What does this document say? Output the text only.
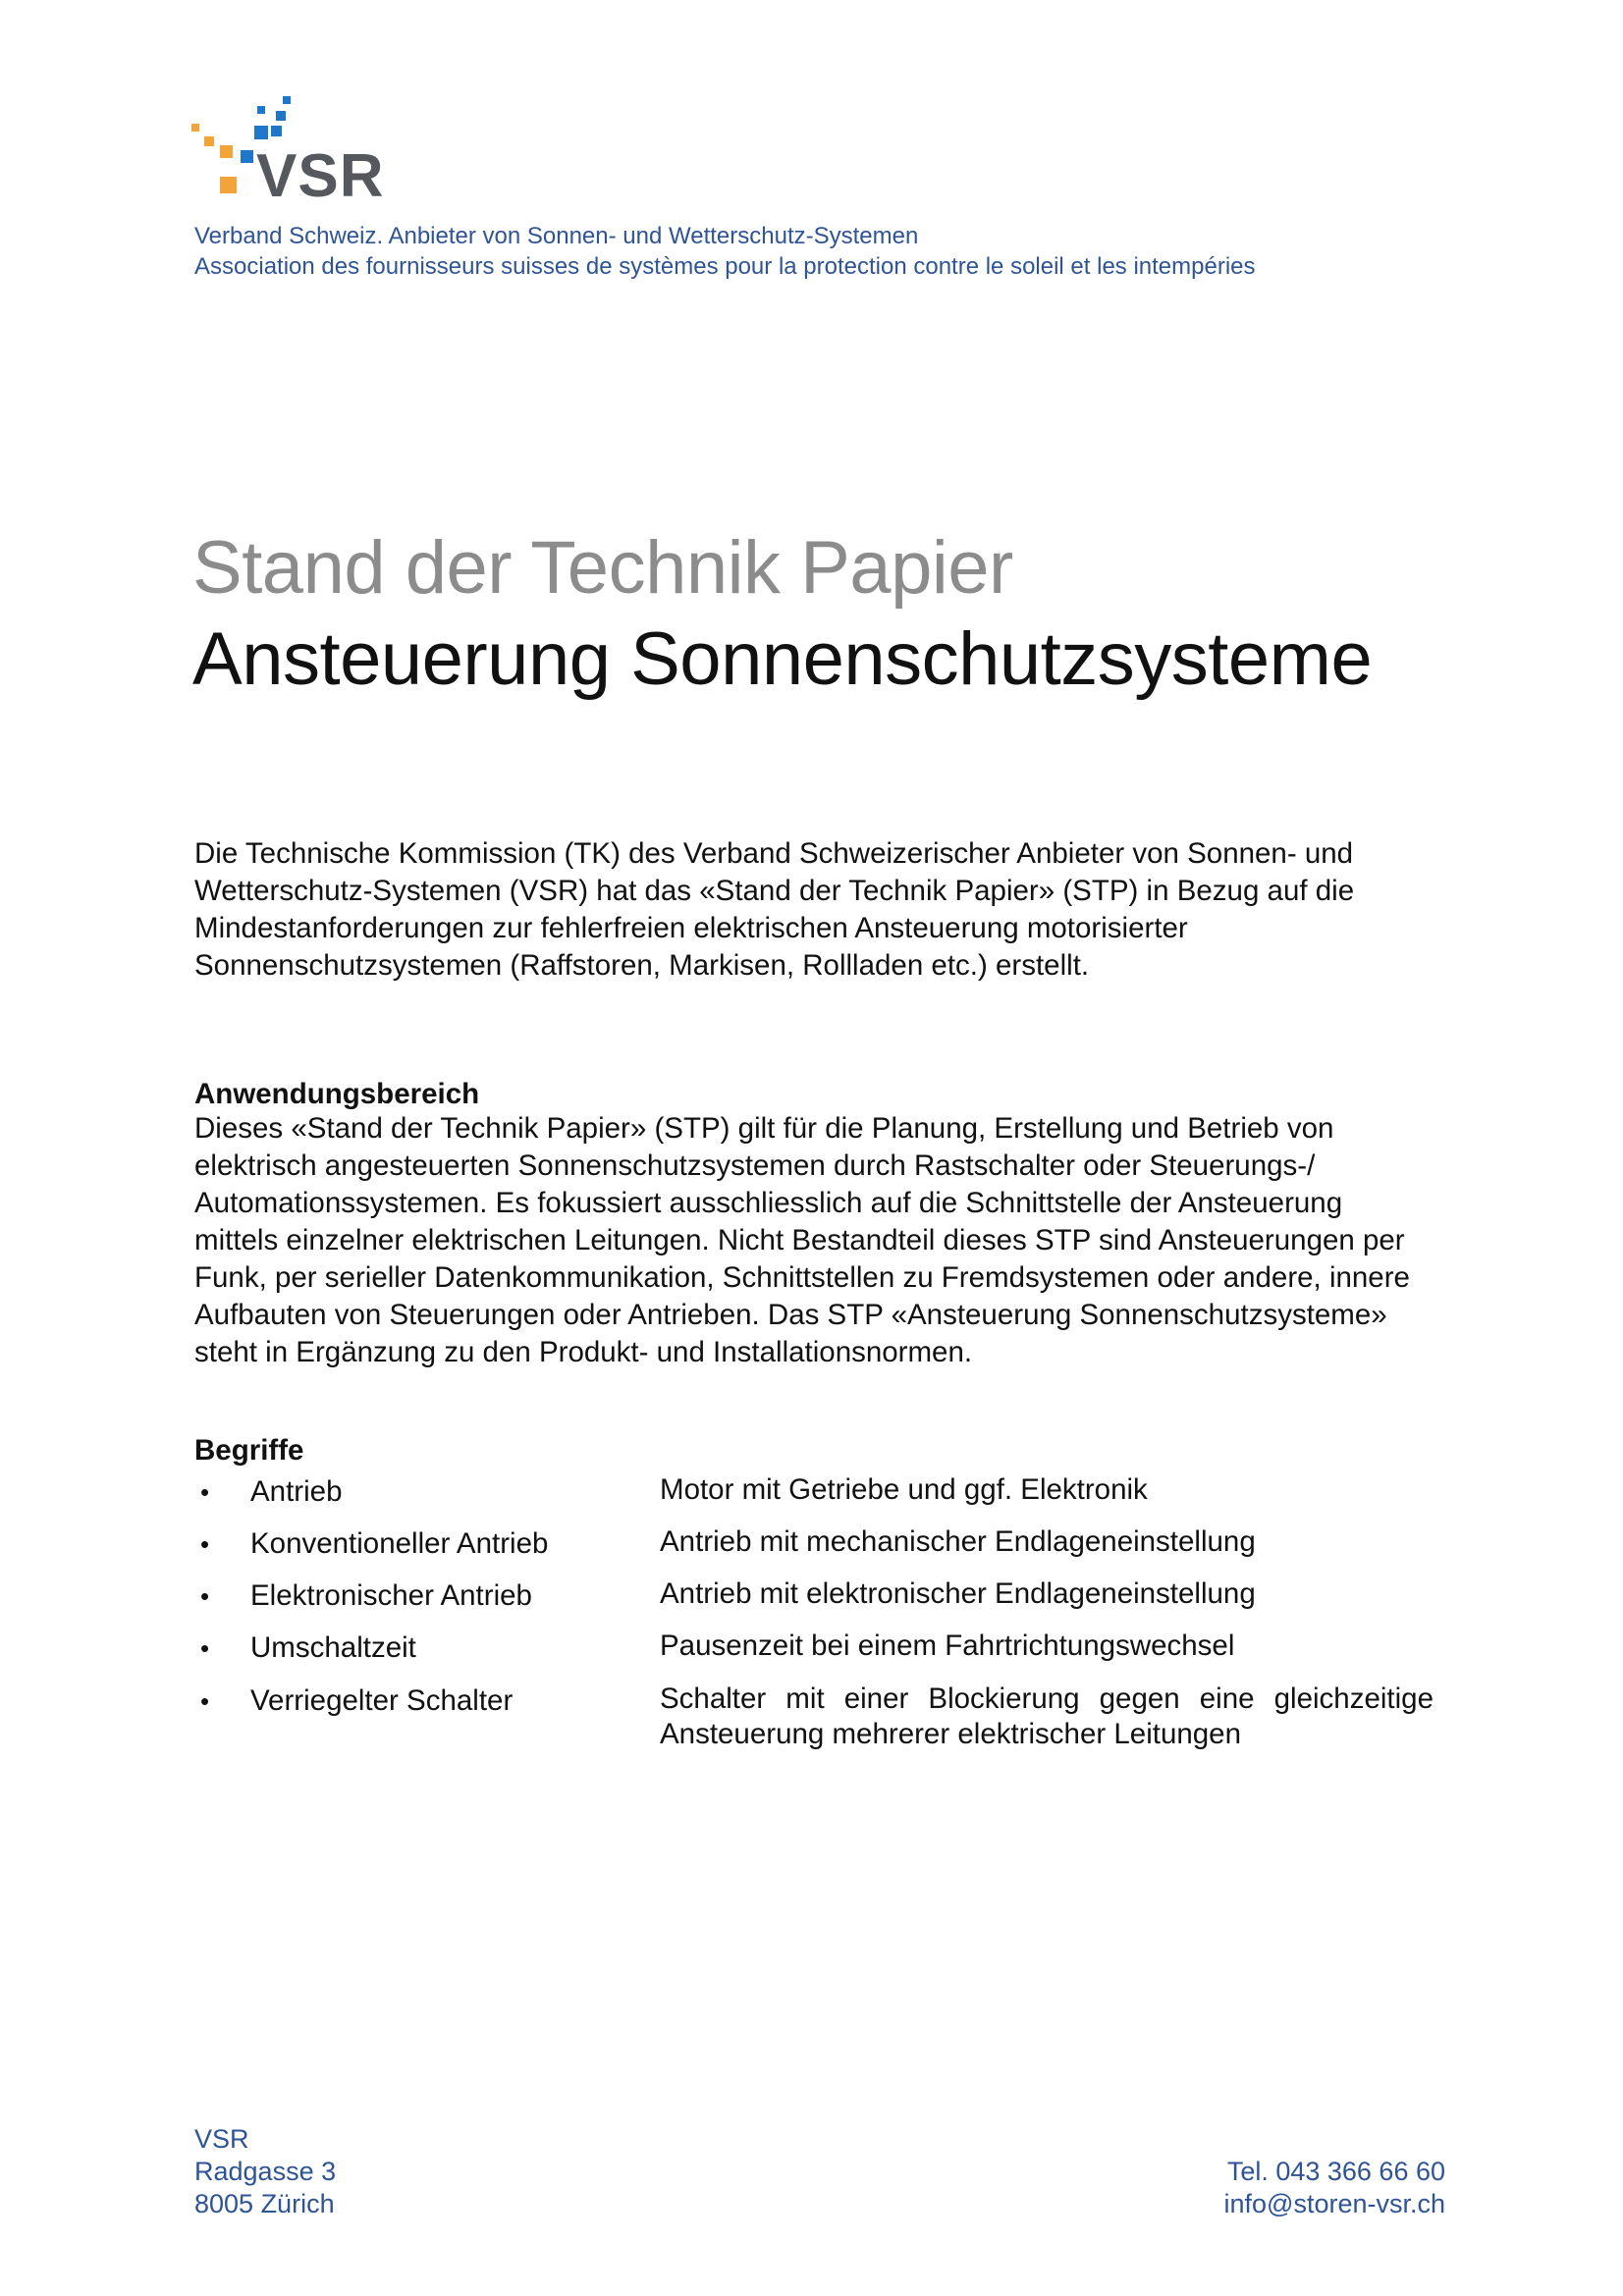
VSR
Verband Schweiz. Anbieter von Sonnen- und Wetterschutz-Systemen
Association des fournisseurs suisses de systèmes pour la protection contre le soleil et les intempéries
Stand der Technik Papier
Ansteuerung Sonnenschutzsysteme
Die Technische Kommission (TK) des Verband Schweizerischer Anbieter von Sonnen- und Wetterschutz-Systemen (VSR) hat das «Stand der Technik Papier» (STP) in Bezug auf die Mindestanforderungen zur fehlerfreien elektrischen Ansteuerung motorisierter Sonnenschutzsystemen (Raffstoren, Markisen, Rollladen etc.) erstellt.
Anwendungsbereich
Dieses «Stand der Technik Papier» (STP) gilt für die Planung, Erstellung und Betrieb von elektrisch angesteuerten Sonnenschutzsystemen durch Rastschalter oder Steuerungs-/ Automationssystemen. Es fokussiert ausschliesslich auf die Schnittstelle der Ansteuerung mittels einzelner elektrischen Leitungen. Nicht Bestandteil dieses STP sind Ansteuerungen per Funk, per serieller Datenkommunikation, Schnittstellen zu Fremdsystemen oder andere, innere Aufbauten von Steuerungen oder Antrieben. Das STP «Ansteuerung Sonnenschutzsysteme» steht in Ergänzung zu den Produkt- und Installationsnormen.
Begriffe
• Antrieb	Motor mit Getriebe und ggf. Elektronik
• Konventioneller Antrieb	Antrieb mit mechanischer Endlageneinstellung
• Elektronischer Antrieb	Antrieb mit elektronischer Endlageneinstellung
• Umschaltzeit	Pausenzeit bei einem Fahrtrichtungswechsel
• Verriegelter Schalter	Schalter mit einer Blockierung gegen eine gleichzeitige Ansteuerung mehrerer elektrischer Leitungen
VSR
Radgasse 3
8005 Zürich
Tel. 043 366 66 60
info@storen-vsr.ch
